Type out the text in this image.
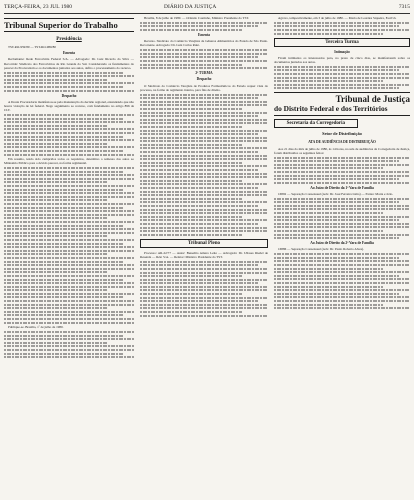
TERÇA-FEIRA, 23 JUL 1980	DIÁRIO DA JUSTIÇA	7315
Tribunal Superior do Trabalho
Presidência

TST-RO-959/80 — TST-RO-980/80

Ementa

Reclamante: Rede Ferroviária Federal S/A. — Advogado: Dr. Luiz Ricardo da Silva — Recorrida: Sindicato dos Ferroviários de Rio Grande do Sul. Considerando os fundamentos do parecer da Procuradoria e os documentos juntados aos autos, defiro o processamento do recurso.

Despacho

A Douta Procuradoria manifestou-se pela manutenção da decisão regional, entendendo que não houve violação de lei federal. Nego seguimento ao recurso, com fundamento no artigo 896 da CLT.

Em resumo, tendo sido cumpridos todos os requisitos, determino a remessa dos autos ao Ministério Público para o devido parecer, na forma regimental.

Publique-se. Brasília, 1º de julho de 1980.

Brasília, 8 de julho de 1980. — Orlando Coutinho, Ministro Presidente do TST.

Ementa

Recurso. Sindicato do Comércio Varejista de Gêneros Alimentícios do Estado de São Paulo. Recorrente. Advogado: Dr. Luiz Carlos Ruiz.

2ª TURMA
Despacho

O Sindicato do Comércio Varejista de Produtos Farmacêuticos do Estado requer vista do processo, na forma do regimento interno, para fins de direito.

Tribunal Pleno

Processo: AR-22/77 — Autor: Benedito Amaro Leite — Advogado: Dr. Ulisses Riedel de Resende — Réu: S/A. — Relator: Ministro Presidente do TST.

Agravo, tempestivamente, em 3 de julho de 1980. — Maria de Lourdes Siqueira, Escrivã.

Terceira Turma
Intimação

Ficam intimados os interessados para, no prazo de cinco dias, se manifestarem sobre os documentos juntados aos autos.

Tribunal de Justiça
do Distrito Federal e dos Territórios
Secretaria da Corregedoria
Setor de Distribuição
ATA DE AUDIÊNCIA DE DISTRIBUIÇÃO

Aos 21 dias do mês de julho de 1980, às 14 horas, na sala de audiências da Corregedoria de Justiça, foram distribuídos os seguintes feitos:

Ao Juízo de Direito da 1ª Vara de Família

16892 — Separação Consensual (Adv. Dr. José Ferreira Lima) — Partes: Maria e João.

Ao Juízo de Direito da 2ª Vara de Família

16886 — Separação Consensual (Adv. Dr. Paulo Roberto Alves).
